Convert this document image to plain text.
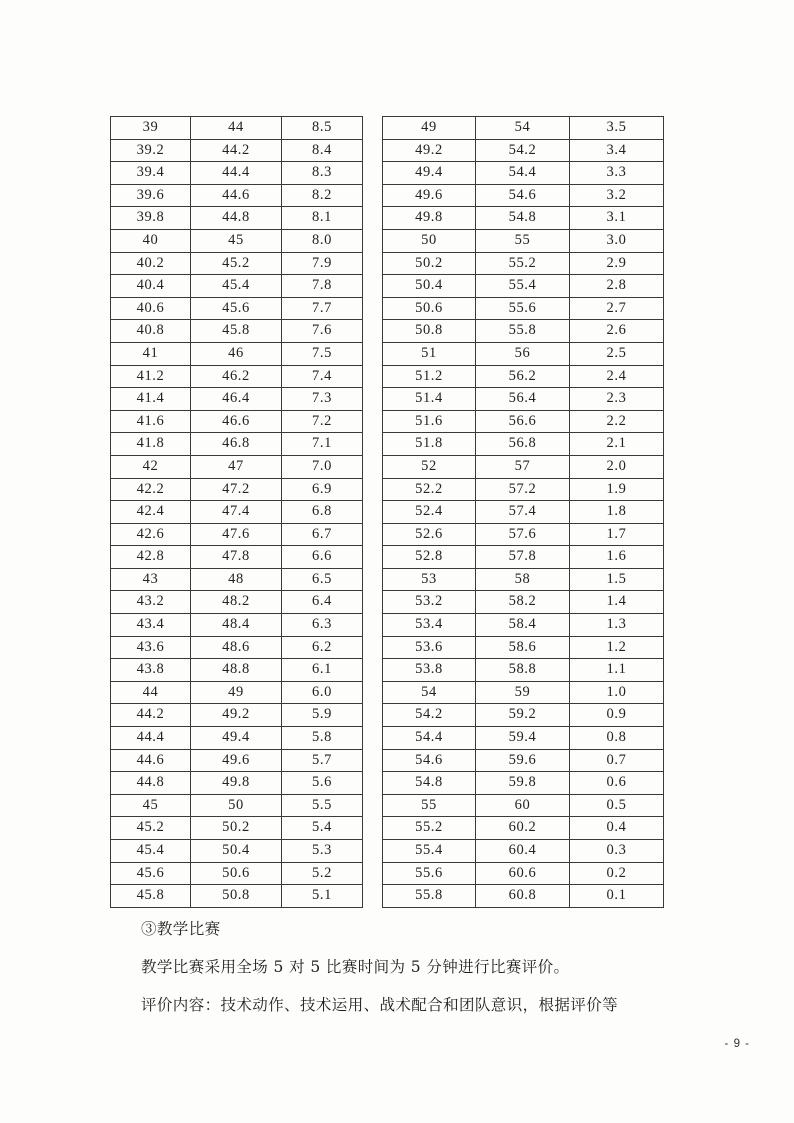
39	44	8.5
39.2	44.2	8.4
39.4	44.4	8.3
39.6	44.6	8.2
39.8	44.8	8.1
40	45	8.0
40.2	45.2	7.9
40.4	45.4	7.8
40.6	45.6	7.7
40.8	45.8	7.6
41	46	7.5
41.2	46.2	7.4
41.4	46.4	7.3
41.6	46.6	7.2
41.8	46.8	7.1
42	47	7.0
42.2	47.2	6.9
42.4	47.4	6.8
42.6	47.6	6.7
42.8	47.8	6.6
43	48	6.5
43.2	48.2	6.4
43.4	48.4	6.3
43.6	48.6	6.2
43.8	48.8	6.1
44	49	6.0
44.2	49.2	5.9
44.4	49.4	5.8
44.6	49.6	5.7
44.8	49.8	5.6
45	50	5.5
45.2	50.2	5.4
45.4	50.4	5.3
45.6	50.6	5.2
45.8	50.8	5.1
49	54	3.5
49.2	54.2	3.4
49.4	54.4	3.3
49.6	54.6	3.2
49.8	54.8	3.1
50	55	3.0
50.2	55.2	2.9
50.4	55.4	2.8
50.6	55.6	2.7
50.8	55.8	2.6
51	56	2.5
51.2	56.2	2.4
51.4	56.4	2.3
51.6	56.6	2.2
51.8	56.8	2.1
52	57	2.0
52.2	57.2	1.9
52.4	57.4	1.8
52.6	57.6	1.7
52.8	57.8	1.6
53	58	1.5
53.2	58.2	1.4
53.4	58.4	1.3
53.6	58.6	1.2
53.8	58.8	1.1
54	59	1.0
54.2	59.2	0.9
54.4	59.4	0.8
54.6	59.6	0.7
54.8	59.8	0.6
55	60	0.5
55.2	60.2	0.4
55.4	60.4	0.3
55.6	60.6	0.2
55.8	60.8	0.1

③教学比赛

教学比赛采用全场 5 对 5 比赛时间为 5 分钟进行比赛评价。

评价内容：技术动作、技术运用、战术配合和团队意识，根据评价等

- 9 -
